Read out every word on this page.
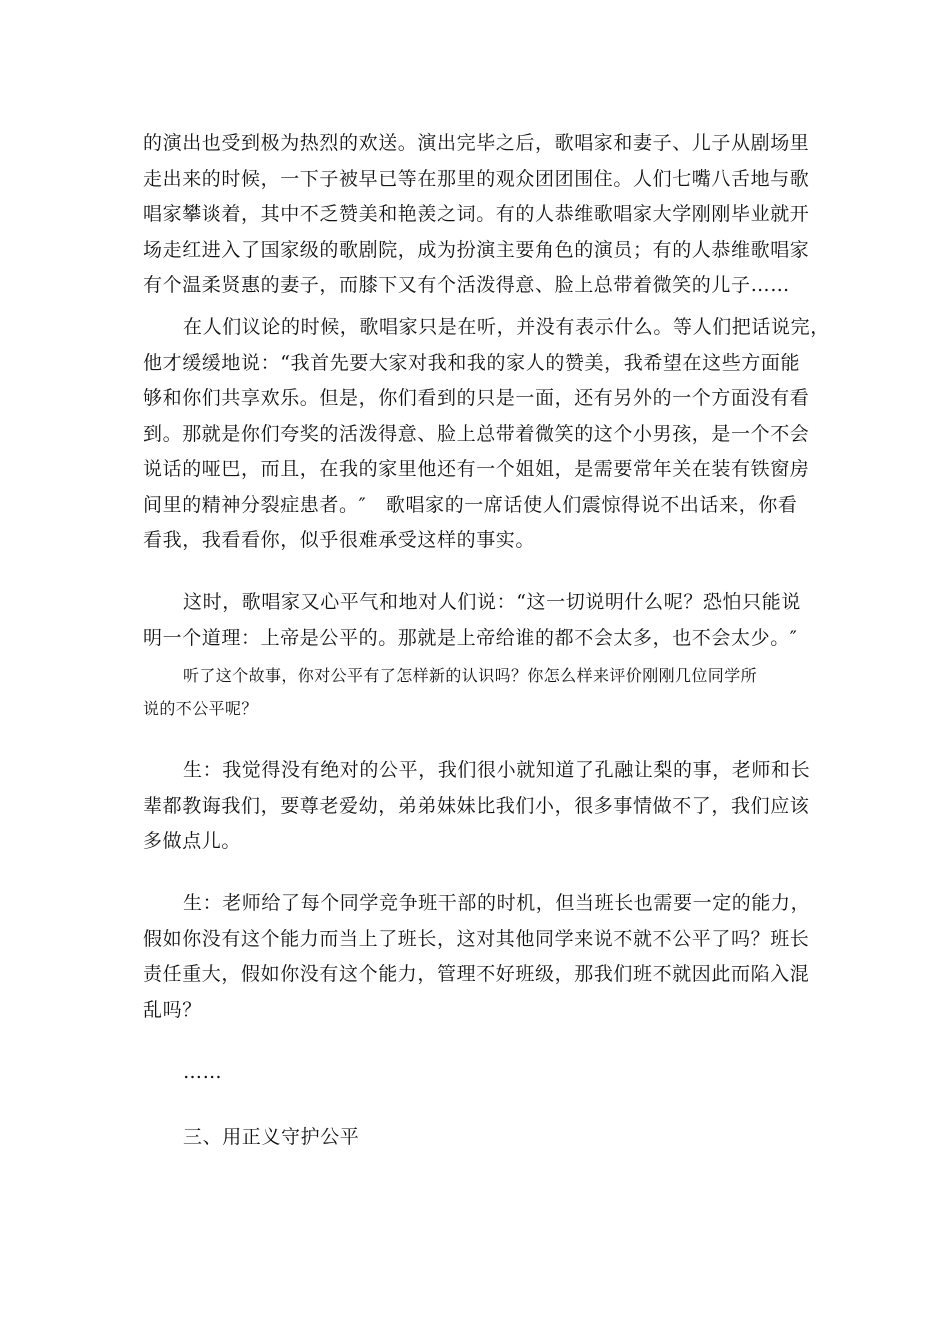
的演出也受到极为热烈的欢送。演出完毕之后，歌唱家和妻子、儿子从剧场里
走出来的时候，一下子被早已等在那里的观众团团围住。人们七嘴八舌地与歌
唱家攀谈着，其中不乏赞美和艳羡之词。有的人恭维歌唱家大学刚刚毕业就开
场走红进入了国家级的歌剧院，成为扮演主要角色的演员；有的人恭维歌唱家
有个温柔贤惠的妻子，而膝下又有个活泼得意、脸上总带着微笑的儿子……
在人们议论的时候，歌唱家只是在听，并没有表示什么。等人们把话说完，
他才缓缓地说：“我首先要大家对我和我的家人的赞美，我希望在这些方面能
够和你们共享欢乐。但是，你们看到的只是一面，还有另外的一个方面没有看
到。那就是你们夸奖的活泼得意、脸上总带着微笑的这个小男孩，是一个不会
说话的哑巴，而且，在我的家里他还有一个姐姐，是需要常年关在装有铁窗房
间里的精神分裂症患者。″　歌唱家的一席话使人们震惊得说不出话来，你看
看我，我看看你，似乎很难承受这样的事实。
这时，歌唱家又心平气和地对人们说：“这一切说明什么呢？恐怕只能说
明一个道理：上帝是公平的。那就是上帝给谁的都不会太多，也不会太少。″
听了这个故事，你对公平有了怎样新的认识吗？你怎么样来评价刚刚几位同学所
说的不公平呢？
生：我觉得没有绝对的公平，我们很小就知道了孔融让梨的事，老师和长
辈都教诲我们，要尊老爱幼，弟弟妹妹比我们小，很多事情做不了，我们应该
多做点儿。
生：老师给了每个同学竞争班干部的时机，但当班长也需要一定的能力，
假如你没有这个能力而当上了班长，这对其他同学来说不就不公平了吗？班长
责任重大，假如你没有这个能力，管理不好班级，那我们班不就因此而陷入混
乱吗？
……
三、用正义守护公平
